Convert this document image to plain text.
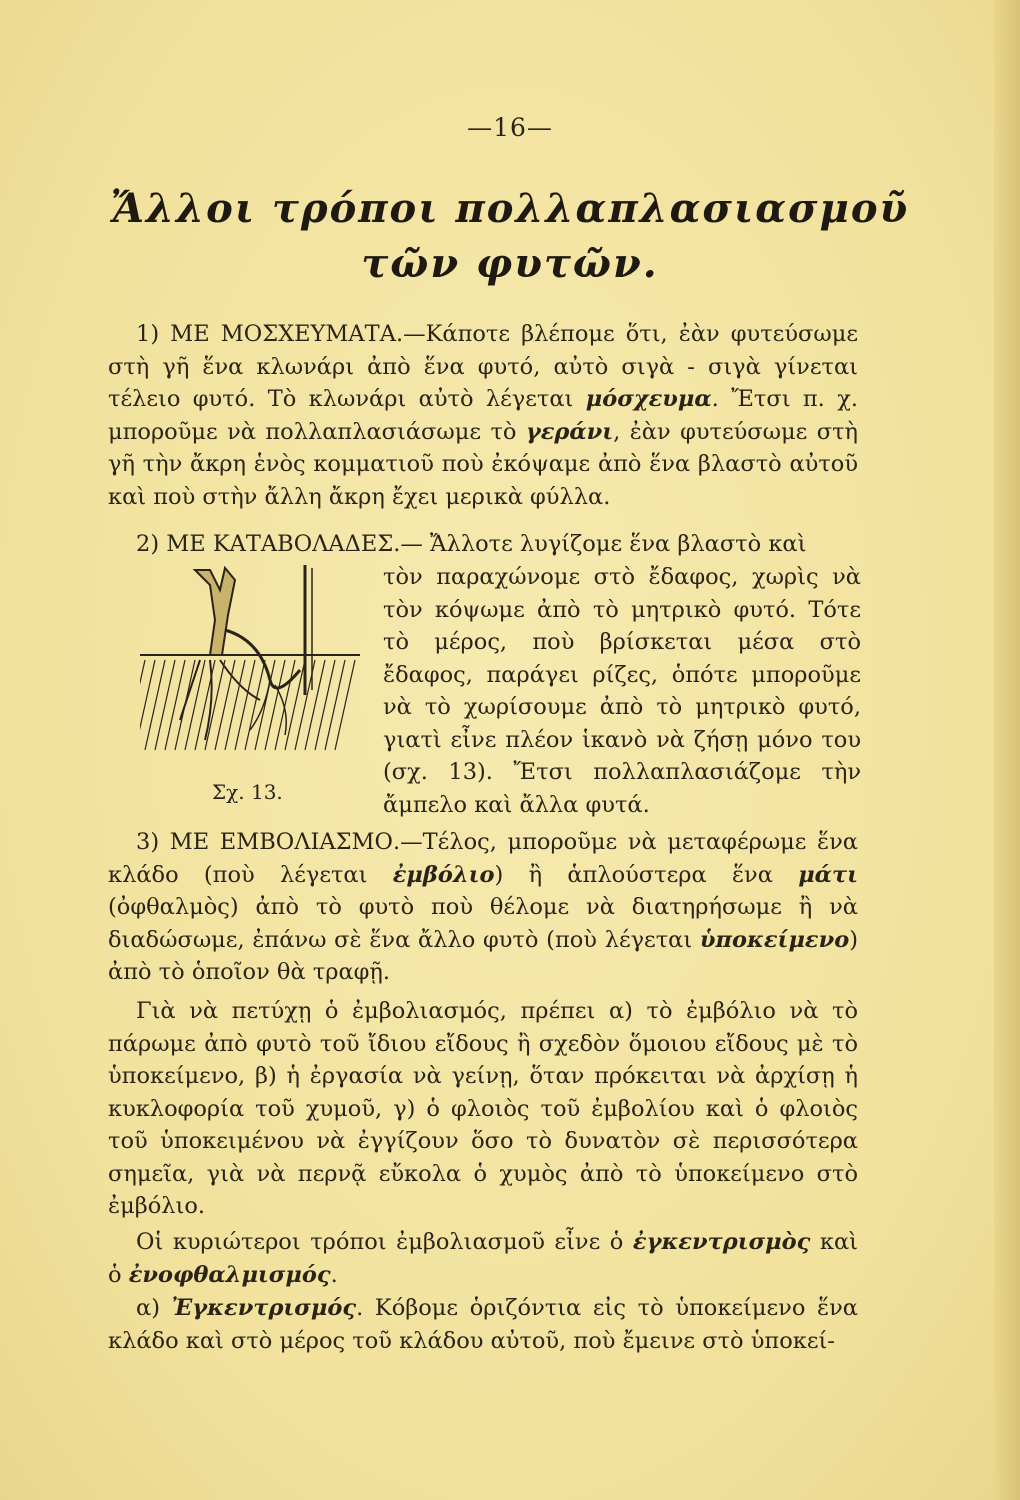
—16—
Ἄλλοι τρόποι πολλαπλασιασμοῦ
τῶν φυτῶν.

1) ΜΕ ΜΟΣΧΕΥΜΑΤΑ.—Κάποτε βλέπομε ὅτι, ἐὰν φυτεύσωμε στὴ γῆ ἕνα κλωνάρι ἀπὸ ἕνα φυτό, αὐτὸ σιγὰ - σιγὰ γίνεται τέλειο φυτό. Τὸ κλωνάρι αὐτὸ λέγεται μόσχευμα. Ἔτσι π. χ. μποροῦμε νὰ πολλαπλασιάσωμε τὸ γεράνι, ἐὰν φυτεύσωμε στὴ γῆ τὴν ἄκρη ἑνὸς κομματιοῦ ποὺ ἐκόψαμε ἀπὸ ἕνα βλαστὸ αὐτοῦ καὶ ποὺ στὴν ἄλλη ἄκρη ἔχει μερικὰ φύλλα.

2) ΜΕ ΚΑΤΑΒΟΛΑΔΕΣ.— Ἄλλοτε λυγίζομε ἕνα βλαστὸ καὶ

τὸν παραχώνομε στὸ ἔδαφος, χωρὶς νὰ τὸν κόψωμε ἀπὸ τὸ μητρικὸ φυτό. Τότε τὸ μέρος, ποὺ βρίσκεται μέσα στὸ ἔδαφος, παράγει ρίζες, ὁπότε μποροῦμε νὰ τὸ χωρίσουμε ἀπὸ τὸ μητρικὸ φυτό, γιατὶ εἶνε πλέον ἱκανὸ νὰ ζήσῃ μόνο του (σχ. 13). Ἔτσι πολλαπλασιάζομε τὴν ἄμπελο καὶ ἄλλα φυτά.

Σχ. 13.

3) ΜΕ ΕΜΒΟΛΙΑΣΜΟ.—Τέλος, μποροῦμε νὰ μεταφέρωμε ἕνα κλάδο (ποὺ λέγεται ἐμβόλιο) ἢ ἁπλούστερα ἕνα μάτι (ὀφθαλμὸς) ἀπὸ τὸ φυτὸ ποὺ θέλομε νὰ διατηρήσωμε ἢ νὰ διαδώσωμε, ἐπάνω σὲ ἕνα ἄλλο φυτὸ (ποὺ λέγεται ὑποκείμενο) ἀπὸ τὸ ὁποῖον θὰ τραφῇ.

Γιὰ νὰ πετύχῃ ὁ ἐμβολιασμός, πρέπει α) τὸ ἐμβόλιο νὰ τὸ πάρωμε ἀπὸ φυτὸ τοῦ ἴδιου εἴδους ἢ σχεδὸν ὅμοιου εἴδους μὲ τὸ ὑποκείμενο, β) ἡ ἐργασία νὰ γείνῃ, ὅταν πρόκειται νὰ ἀρχίσῃ ἡ κυκλοφορία τοῦ χυμοῦ, γ) ὁ φλοιὸς τοῦ ἐμβολίου καὶ ὁ φλοιὸς τοῦ ὑποκειμένου νὰ ἐγγίζουν ὅσο τὸ δυνατὸν σὲ περισσότερα σημεῖα, γιὰ νὰ περνᾷ εὔκολα ὁ χυμὸς ἀπὸ τὸ ὑποκείμενο στὸ ἐμβόλιο.

Οἱ κυριώτεροι τρόποι ἐμβολιασμοῦ εἶνε ὁ ἐγκεντρισμὸς καὶ ὁ ἐνοφθαλμισμός.

α) Ἐγκεντρισμός. Κόβομε ὁριζόντια εἰς τὸ ὑποκείμενο ἕνα κλάδο καὶ στὸ μέρος τοῦ κλάδου αὐτοῦ, ποὺ ἔμεινε στὸ ὑποκεί-
